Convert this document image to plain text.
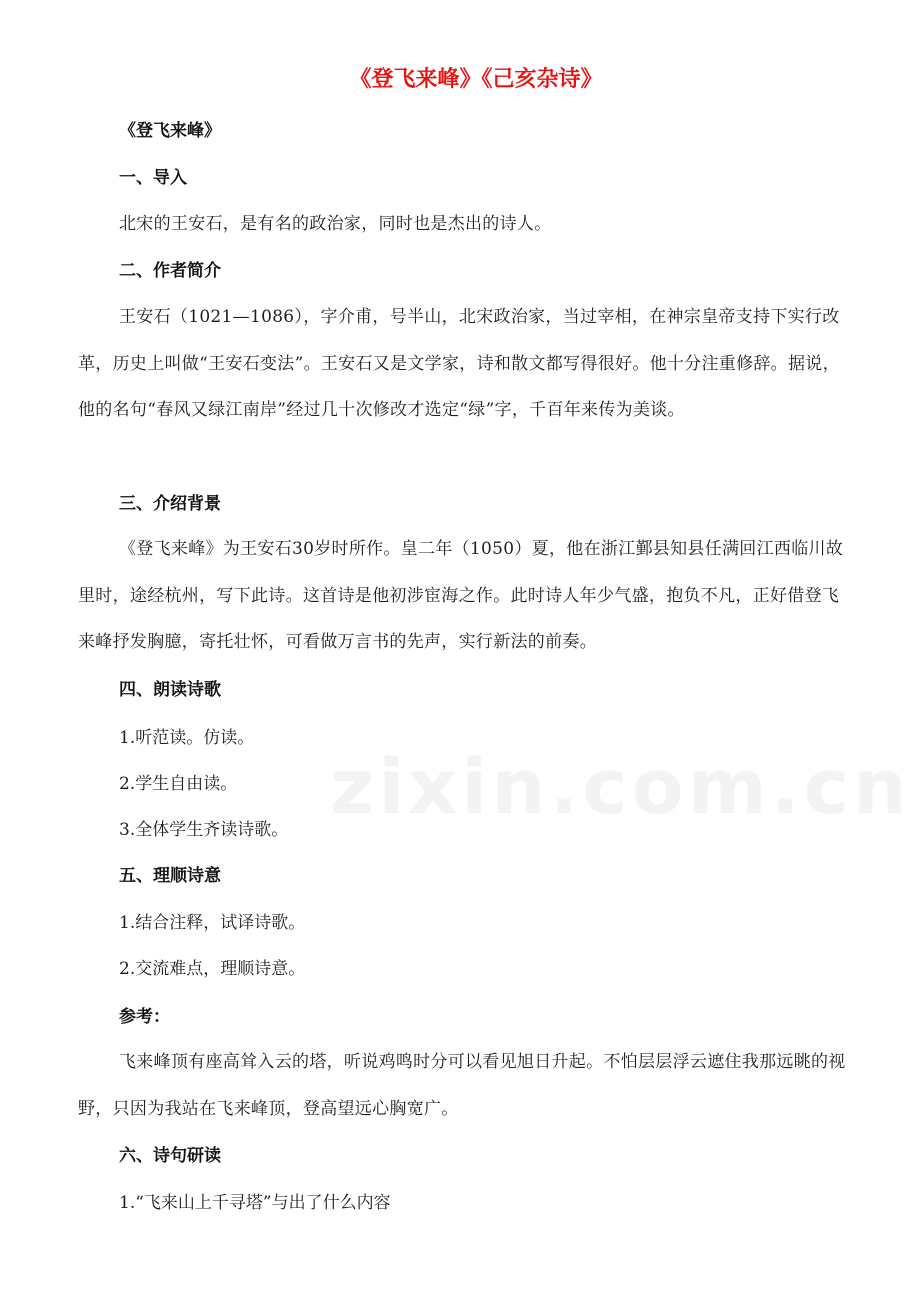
《登飞来峰》《己亥杂诗》
《登飞来峰》
一、导入
北宋的王安石，是有名的政治家，同时也是杰出的诗人。
二、作者简介
王安石（1021—1086），字介甫，号半山，北宋政治家，当过宰相，在神宗皇帝支持下实行改革，历史上叫做“王安石变法”。王安石又是文学家，诗和散文都写得很好。他十分注重修辞。据说，他的名句“春风又绿江南岸”经过几十次修改才选定“绿”字，千百年来传为美谈。
三、介绍背景
《登飞来峰》为王安石30岁时所作。皇二年（1050）夏，他在浙江鄞县知县任满回江西临川故里时，途经杭州，写下此诗。这首诗是他初涉宦海之作。此时诗人年少气盛，抱负不凡，正好借登飞来峰抒发胸臆，寄托壮怀，可看做万言书的先声，实行新法的前奏。
四、朗读诗歌
1.听范读。仿读。
2.学生自由读。
3.全体学生齐读诗歌。
五、理顺诗意
1.结合注释，试译诗歌。
2.交流难点，理顺诗意。
参考：
飞来峰顶有座高耸入云的塔，听说鸡鸣时分可以看见旭日升起。不怕层层浮云遮住我那远眺的视野，只因为我站在飞来峰顶，登高望远心胸宽广。
六、诗句研读
1.“飞来山上千寻塔”与出了什么内容
zixin.com.cn
